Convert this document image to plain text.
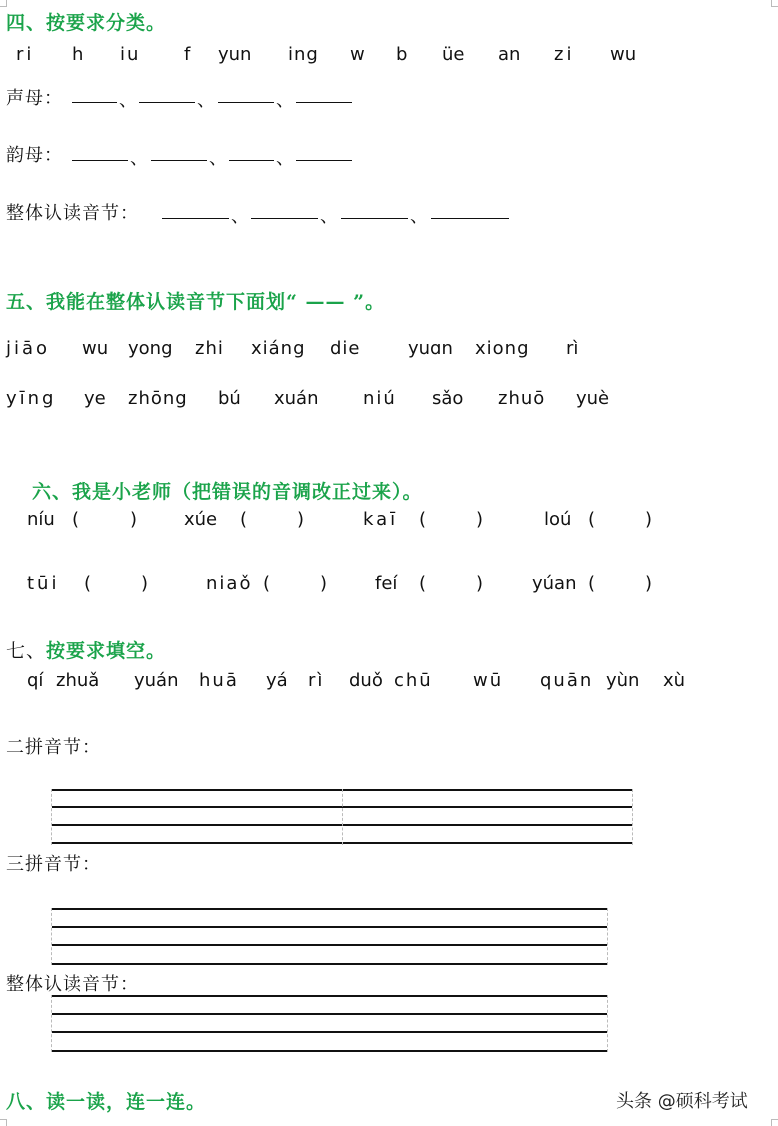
四、按要求分类。
ri h iu f yun ing w b üe an zi wu
声母：	、	、	、
韵母：	、	、	、
整体认读音节：	、	、	、
五、我能在整体认读音节下面划“ —— ”。
jiāo wu yong zhi xiáng die	yuɑn xiong rì
yīng ye zhōng bú xuán niú sǎo zhuō yuè
六、我是小老师（把错误的音调改正过来）。
níu (	)	xúe (	)	kaī (	)	loú (	)
tūi (	)	niaǒ (	)	feí (	)	yúan (	)
七、按要求填空。
qí zhuǎ yuán huā yá rì duǒ chū wū quān yùn xù
二拼音节：
三拼音节：
整体认读音节：
八、读一读，连一连。	头条 @硕科考试
